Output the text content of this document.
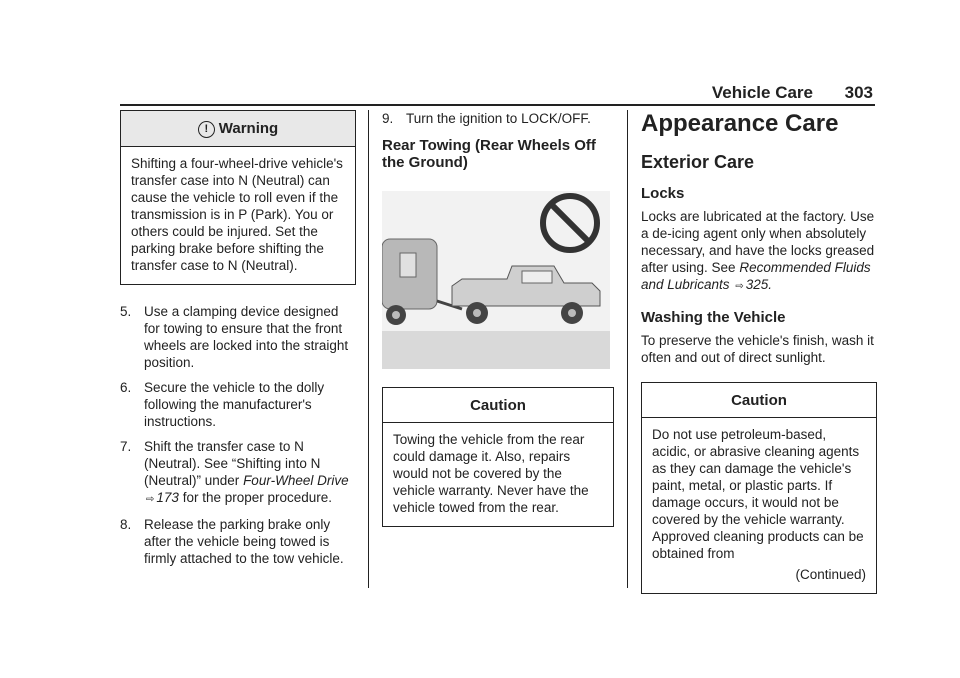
Vehicle Care 303
! Warning
Shifting a four-wheel-drive vehicle's transfer case into N (Neutral) can cause the vehicle to roll even if the transmission is in P (Park). You or others could be injured. Set the parking brake before shifting the transfer case to N (Neutral).
5. Use a clamping device designed for towing to ensure that the front wheels are locked into the straight position.
6. Secure the vehicle to the dolly following the manufacturer's instructions.
7. Shift the transfer case to N (Neutral). See “Shifting into N (Neutral)” under Four-Wheel Drive ⇨ 173 for the proper procedure.
8. Release the parking brake only after the vehicle being towed is firmly attached to the tow vehicle.
9. Turn the ignition to LOCK/OFF.
Rear Towing (Rear Wheels Off the Ground)
Caution
Towing the vehicle from the rear could damage it. Also, repairs would not be covered by the vehicle warranty. Never have the vehicle towed from the rear.
Appearance Care
Exterior Care
Locks

Locks are lubricated at the factory. Use a de-icing agent only when absolutely necessary, and have the locks greased after using. See Recommended Fluids and Lubricants ⇨ 325.

Washing the Vehicle

To preserve the vehicle's finish, wash it often and out of direct sunlight.

Caution
Do not use petroleum-based, acidic, or abrasive cleaning agents as they can damage the vehicle's paint, metal, or plastic parts. If damage occurs, it would not be covered by the vehicle warranty. Approved cleaning products can be obtained from
(Continued)
